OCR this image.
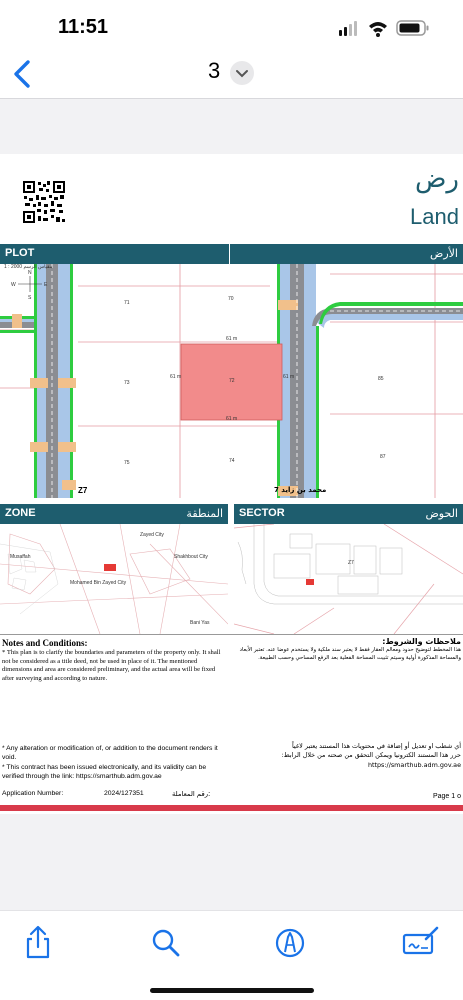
11:51
3
رض
Land
PLOT	الأرض
N
W	E
S
1 : 2000 مقياس الرسم
71
70
73	72
75	74
85
87
61 m
61 m
61 m	61 m
Z7	محمد بن زايد 7
ZONE	المنطقة SECTOR	الحوض
Zayed City
Musaffah	Shakhbout City
Mohamed Bin Zayed City
Bani Yas
Z7
Notes and Conditions:

* This plan is to clarify the boundaries and parameters of the property only. It shall not be considered as a title deed, not be used in place of it. The mentioned dimensions and area are considered preliminary, and the actual area will be fixed after surveying and according to nature.

ملاحظات والشروط:

هذا المخطط لتوضيح حدود ومعالم العقار فقط لا يعتبر سند ملكية ولا يستخدم عوضا عنه. تعتبر الأبعاد والمساحة المذكورة أولية وسيتم تثبيت المساحة الفعلية بعد الرفع المساحي وحسب الطبيعة.

* Any alteration or modification of, or addition to the document renders it void.

* This contract has been issued electronically, and its validity can be verified through the link: https://smarthub.adm.gov.ae

أي شطب او تعديل أو إضافة في محتويات هذا المستند يعتبر لاغياً

حرر هذا المستند الكترونيا ويمكن التحقق من صحته من خلال الرابط:

https://smarthub.adm.gov.ae

Application Number:	2024/127351	رقم المعاملة:	Page 1 o
